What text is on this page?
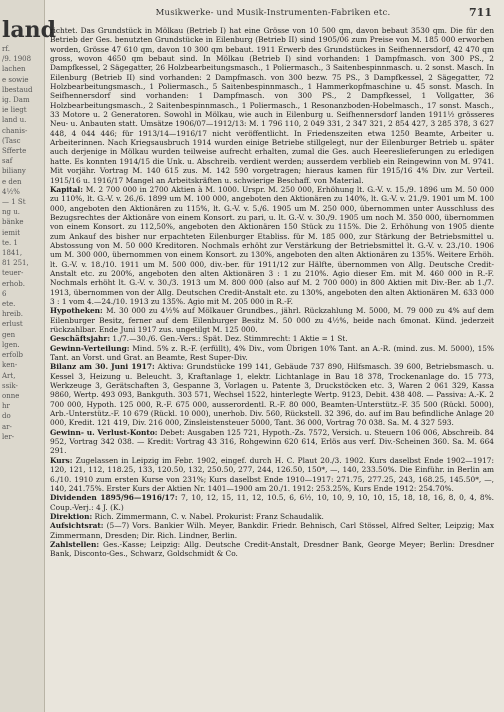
land
rf.
/9. 1908
lachen
e sowie
lbestaud
ig. Dam
ie liegt
land u.
chanis-
(Tasc
Sfferte
saf
biliany
e den
4½%
— 1 St
ng u.
bänke
iemit
te. 1
1841,
81 251,
teuer-
erhob.
6
ete.
hreib.
erlust
gen
lgen.
erfolb
ken-
Art,
ssik-
onne
hr
do
ar-
ler-
Musikwerke- und Musik-Instrumenten-Fabriken etc.	711

richtet. Das Grundstück in Mölkau (Betrieb I) hat eine Grösse von 10 500 qm, davon bebaut 3530 qm. Die für den Betrieb der Ges. benutzten Grundstücke in Eilenburg (Betrieb II) sind 1905/06 zum Preise von M. 185 000 erworben worden, Grösse 47 610 qm, davon 10 300 qm bebaut. 1911 Erwerb des Grundstückes in Seifhennersdorf, 42 470 qm gross, wovon 4650 qm bebaut sind. In Mölkau (Betrieb I) sind vorhanden: 1 Dampfmasch. von 300 PS., 2 Dampfkessel, 2 Sägegatter, 26 Holzbearbeitungsmasch., 1 Poliermasch., 3 Saitenbespinnmasch. u. 2 sonst. Masch. In Eilenburg (Betrieb II) sind vorhanden: 2 Dampfmasch. von 300 bezw. 75 PS., 3 Dampfkessel, 2 Sägegatter, 72 Holzbearbeitungsmasch., 1 Poliermasch., 5 Saitenbespinnmasch., 1 Hammerkopfmaschine u. 45 sonst. Masch. In Seifhennersdorf sind vorhanden: 1 Dampfmasch. von 300 PS., 2 Dampfkessel, 1 Vollgatter, 36 Holzbearbeitungsmasch., 2 Saitenbespinnmasch., 1 Poliermasch., 1 Resonanzboden-Hobelmasch., 17 sonst. Masch., 33 Motore u. 2 Generatoren. Sowohl in Mölkau, wie auch in Eilenburg u. Seifhennersdorf landen 1911½ grösseres Neu- u. Anbauten statt. Umsätze 1906/07—1912/13: M. 1 796 110, 2 049 331, 2 347 321, 2 854 427, 3 285 378, 3 627 448, 4 044 446; für 1913/14—1916/17 nicht veröffentlicht. In Friedenszeiten etwa 1250 Beamte, Arbeiter u. Arbeiterinnen. Nach Kriegsausbruch 1914 wurden einige Betriebe stillgelegt, nur der Eilenburger Betrieb u. später auch derjenige in Mölkau wurden teilweise aufrecht erhalten, zumal die Ges. auch Heereslieferungen zu erledigen hatte. Es konnten 1914/15 die Unk. u. Abschreib. verdient werden; ausserdem verblieb ein Reingewinn von M. 9741. Mit vorjähr. Vortrag M. 140 615 zus. M. 142 590 vorgetragen; hieraus kamen für 1915/16 4% Div. zur Verteil. 1915/16 u. 1916/17 Mangel an Arbeitskräften u. schwierige Beschaff. von Material.

Kapital: M. 2 700 000 in 2700 Aktien à M. 1000. Urspr. M. 250 000, Erhöhung lt. G.-V. v. 15./9. 1896 um M. 50 000 zu 110%, lt. G.-V. v. 26./6. 1899 um M. 100 000, angeboten den Aktionären zu 140%, lt. G.-V. v. 21./9. 1901 um M. 100 000, angeboten den Aktionären zu 115%, lt. G.-V. v. 5./6. 1905 um M. 250 000, übernommen unter Ausschluss des Bezugsrechtes der Aktionäre von einem Konsort. zu pari, u. lt. G.-V. v. 30./9. 1905 um noch M. 350 000, übernommen von einem Konsort. zu 112,50%, angeboten den Aktionären 150 Stück zu 115%. Die 2. Erhöhung von 1905 diente zum Ankauf des bisher nur erpachteten Eilenburger Etabliss. für M. 185 000, zur Stärkung der Betriebsmittel u. Abstossung von M. 50 000 Kreditoren. Nochmals erhöht zur Verstärkung der Betriebsmittel lt. G.-V. v. 23./10. 1906 um M. 300 000, übernommen von einem Konsort. zu 130%, angeboten den alten Aktionären zu 135%. Weitere Erhöh. lt. G.-V. v. 18./10. 1911 um M. 500 000, div.-ber. für 1911/12 zur Hälfte, übernommen von Allg. Deutsche Credit-Anstalt etc. zu 200%, angeboten den alten Aktionären 3 : 1 zu 210%. Agio dieser Em. mit M. 460 000 in R.-F. Nochmals erhöht lt. G.-V. v. 30./3. 1913 um M. 800 000 (also auf M. 2 700 000) in 800 Aktien mit Div.-Ber. ab 1./7. 1913, übernommen von der Allg. Deutschen Credit-Anstalt etc. zu 130%, angeboten den alten Aktionären M. 633 000 3 : 1 vom 4.—24./10. 1913 zu 135%. Agio mit M. 205 000 in R.-F.

Hypotheken: M. 30 000 zu 4½% auf Mölkauer Grundbes., jährl. Rückzahlung M. 5000, M. 79 000 zu 4% auf dem Eilenburger Besitz, ferner auf dem Eilenburger Besitz M. 50 000 zu 4½%, beide nach 6monat. Künd. jederzeit rückzahlbar. Ende Juni 1917 zus. ungetilgt M. 125 000.

Geschäftsjahr: 1./7.—30./6. Gen.-Vers.: Spät. Dez. Stimmrecht: 1 Aktie = 1 St.

Gewinn-Verteilung: Mind. 5% z. R.-F. (erfüllt), 4% Div., vom Übrigen 10% Tant. an A.-R. (mind. zus. M. 5000), 15% Tant. an Vorst. und Grat. an Beamte, Rest Super-Div.

Bilanz am 30. Juni 1917: Aktiva: Grundstücke 199 141, Gebäude 737 890, Hilfsmasch. 39 600, Betriebsmasch. u. Kessel 3, Heizung u. Beleucht. 3, Kraftanlage 1, elektr. Lichtanlage in Bau 18 378, Trockenanlage do. 15 773, Werkzeuge 3, Gerätschaften 3, Gespanne 3, Vorlagen u. Patente 3, Druckstöcken etc. 3, Waren 2 061 329, Kassa 9860, Wertp. 493 093, Bankguth. 303 571, Wechsel 1522, hinterlegte Wertp. 9123, Debit. 438 408. — Passiva: A.-K. 2 700 000, Hypoth. 125 000, R.-F. 675 000, ausserordentl. R.-F. 80 000, Beamten-Unterstütz.-F. 35 500 (Rückl. 5000), Arb.-Unterstütz.-F. 10 679 (Rückl. 10 000), unerhob. Div. 560, Rückstell. 32 396, do. auf im Bau befindliche Anlage 20 000, Kredit. 121 419, Div. 216 000, Zinsleistensteuer 5000, Tant. 36 000, Vortrag 70 038. Sa. M. 4 327 593.

Gewinn- u. Verlust-Konto: Debet: Ausgaben 125 721, Hypoth.-Zs. 7572, Versich. u. Steuern 106 006, Abschreib. 84 952, Vortrag 342 038. — Kredit: Vortrag 43 316, Rohgewinn 620 614, Erlös aus verf. Div.-Scheinen 360. Sa. M. 664 291.

Kurs: Zugelassen in Leipzig im Febr. 1902, eingef. durch H. C. Plaut 20./3. 1902. Kurs daselbst Ende 1902—1917: 120, 121, 112, 118.25, 133, 120.50, 132, 250.50, 277, 244, 126.50, 150*, —, 140, 233.50%. Die Einführ. in Berlin am 6./10. 1910 zum ersten Kurse von 231%; Kurs daselbst Ende 1910—1917: 271.75, 277.25, 243, 168.25, 145.50*, —, 140, 241.75%. Erster Kurs der Aktien Nr. 1401—1900 am 20./1. 1912: 253.25%, Kurs Ende 1912: 254.70%.

Dividenden 1895/96—1916/17: 7, 10, 12, 15, 11, 12, 10.5, 6, 6½, 10, 10, 9, 10, 10, 15, 18, 18, 16, 8, 0, 4, 8%. Coup.-Verj.: 4 J. (K.)

Direktion: Rich. Zimmermann, C. v. Nabel. Prokurist: Franz Schaudalik.

Aufsichtsrat: (5—7) Vors. Bankier Wilh. Meyer, Bankdir. Friedr. Behnisch, Carl Stössel, Alfred Selter, Leipzig; Max Zimmermann, Dresden; Dir. Rich. Lindner, Berlin.

Zahlstellen: Ges.-Kasse; Leipzig: Allg. Deutsche Credit-Anstalt, Dresdner Bank, George Meyer; Berlin: Dresdner Bank, Disconto-Ges., Schwarz, Goldschmidt & Co.
